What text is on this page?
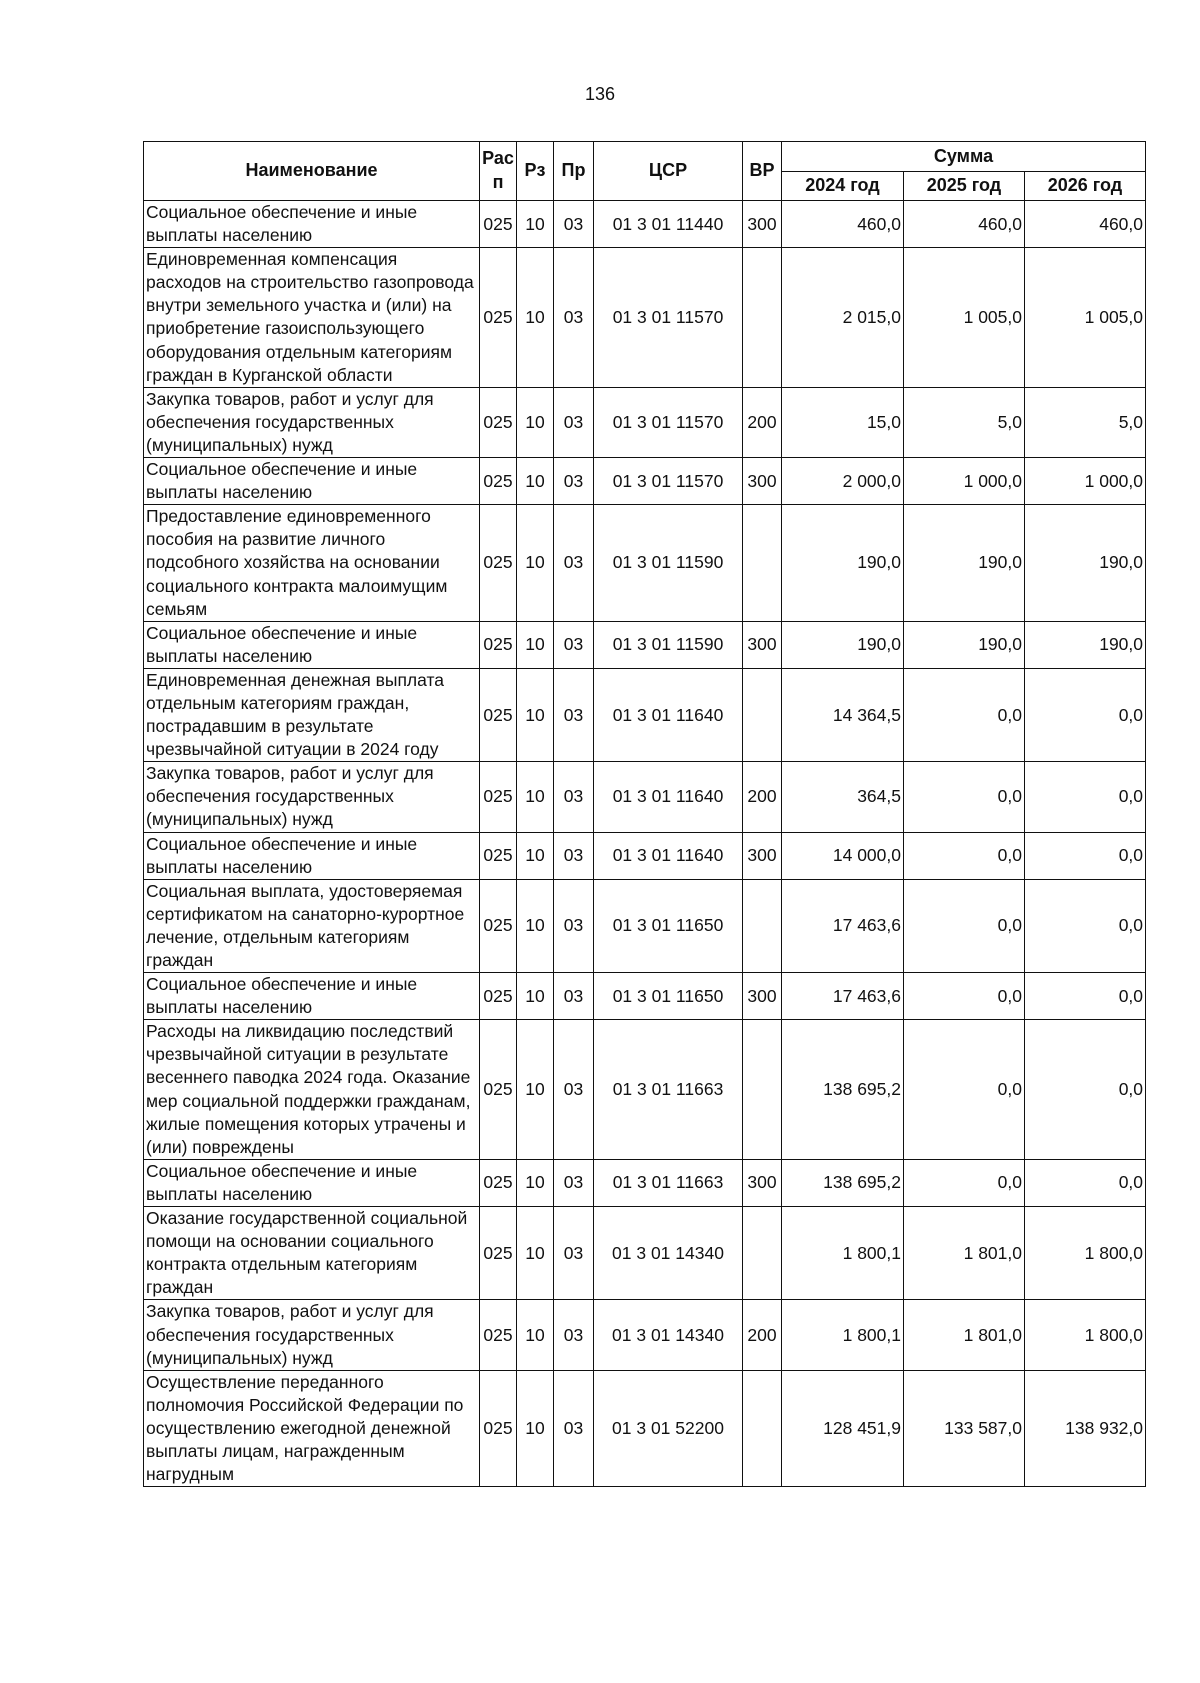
136
Наименование	Рас п	Рз	Пр	ЦСР	ВР	Сумма		
						2024 год	2025 год	2026 год
Социальное обеспечение и иные выплаты населению	025	10	03	01 3 01 11440	300	460,0	460,0	460,0
Единовременная компенсация расходов на строительство газопровода внутри земельного участка и (или) на приобретение газоиспользующего оборудования отдельным категориям граждан в Курганской области	025	10	03	01 3 01 11570		2 015,0	1 005,0	1 005,0
Закупка товаров, работ и услуг для обеспечения государственных (муниципальных) нужд	025	10	03	01 3 01 11570	200	15,0	5,0	5,0
Социальное обеспечение и иные выплаты населению	025	10	03	01 3 01 11570	300	2 000,0	1 000,0	1 000,0
Предоставление единовременного пособия на развитие личного подсобного хозяйства на основании социального контракта малоимущим семьям	025	10	03	01 3 01 11590		190,0	190,0	190,0
Социальное обеспечение и иные выплаты населению	025	10	03	01 3 01 11590	300	190,0	190,0	190,0
Единовременная денежная выплата отдельным категориям граждан, пострадавшим в результате чрезвычайной ситуации в 2024 году	025	10	03	01 3 01 11640		14 364,5	0,0	0,0
Закупка товаров, работ и услуг для обеспечения государственных (муниципальных) нужд	025	10	03	01 3 01 11640	200	364,5	0,0	0,0
Социальное обеспечение и иные выплаты населению	025	10	03	01 3 01 11640	300	14 000,0	0,0	0,0
Социальная выплата, удостоверяемая сертификатом на санаторно-курортное лечение, отдельным категориям граждан	025	10	03	01 3 01 11650		17 463,6	0,0	0,0
Социальное обеспечение и иные выплаты населению	025	10	03	01 3 01 11650	300	17 463,6	0,0	0,0
Расходы на ликвидацию последствий чрезвычайной ситуации в результате весеннего паводка 2024 года. Оказание мер социальной поддержки гражданам, жилые помещения которых утрачены и (или) повреждены	025	10	03	01 3 01 11663		138 695,2	0,0	0,0
Социальное обеспечение и иные выплаты населению	025	10	03	01 3 01 11663	300	138 695,2	0,0	0,0
Оказание государственной социальной помощи на основании социального контракта отдельным категориям граждан	025	10	03	01 3 01 14340		1 800,1	1 801,0	1 800,0
Закупка товаров, работ и услуг для обеспечения государственных (муниципальных) нужд	025	10	03	01 3 01 14340	200	1 800,1	1 801,0	1 800,0
Осуществление переданного полномочия Российской Федерации по осуществлению ежегодной денежной выплаты лицам, награжденным нагрудным	025	10	03	01 3 01 52200		128 451,9	133 587,0	138 932,0
